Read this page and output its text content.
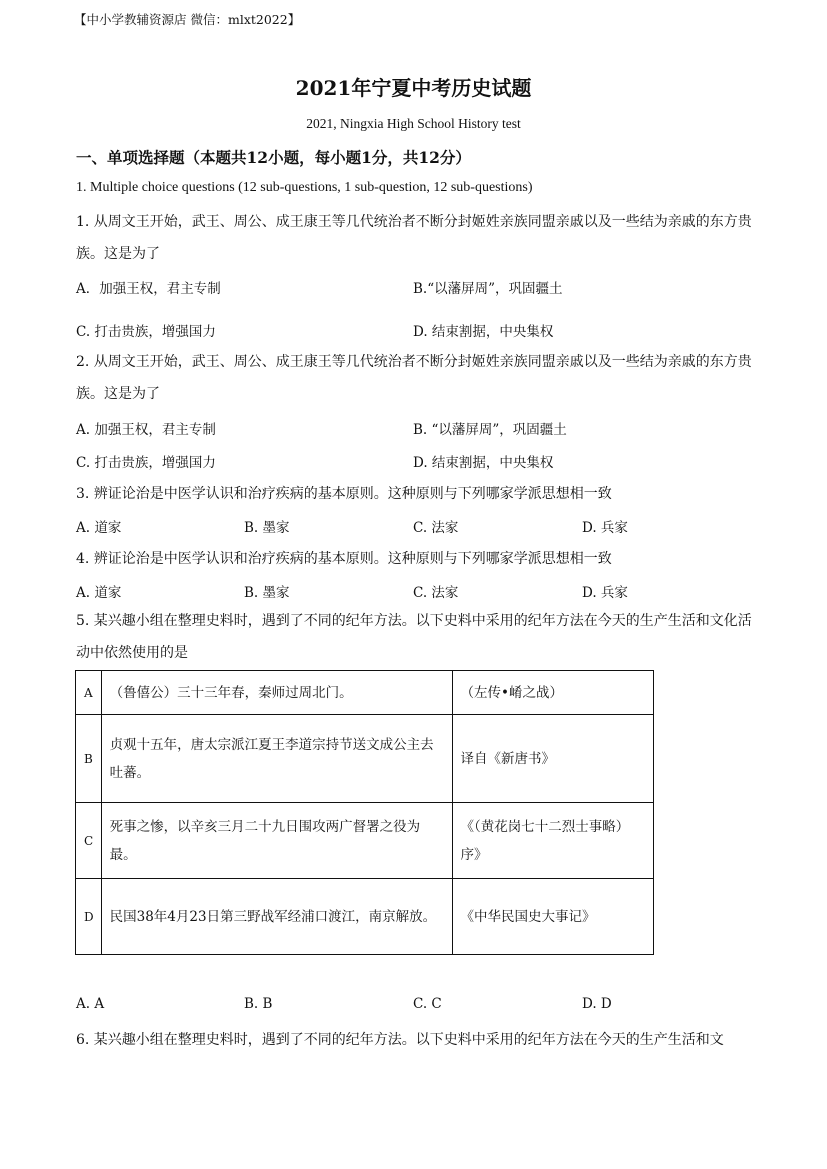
【中小学教辅资源店 微信：mlxt2022】
2021年宁夏中考历史试题
2021, Ningxia High School History test
一、单项选择题（本题共12小题，每小题1分，共12分）
1. Multiple choice questions (12 sub-questions, 1 sub-question, 12 sub-questions)
1. 从周文王开始，武王、周公、成王康王等几代统治者不断分封姬姓亲族同盟亲戚以及一些结为亲戚的东方贵族。这是为了
A．加强王权，君主专制	B.“以藩屏周”，巩固疆土
C. 打击贵族，增强国力	D. 结束割据，中央集权
2. 从周文王开始，武王、周公、成王康王等几代统治者不断分封姬姓亲族同盟亲戚以及一些结为亲戚的东方贵族。这是为了
A. 加强王权，君主专制	B. “以藩屏周”，巩固疆土
C. 打击贵族，增强国力	D. 结束割据，中央集权
3. 辨证论治是中医学认识和治疗疾病的基本原则。这种原则与下列哪家学派思想相一致
A. 道家	B. 墨家	C. 法家	D. 兵家
4. 辨证论治是中医学认识和治疗疾病的基本原则。这种原则与下列哪家学派思想相一致
A. 道家	B. 墨家	C. 法家	D. 兵家
5. 某兴趣小组在整理史料时，遇到了不同的纪年方法。以下史料中采用的纪年方法在今天的生产生活和文化活动中依然使用的是
A	（鲁僖公）三十三年春，秦师过周北门。	（左传•崤之战）
B	贞观十五年，唐太宗派江夏王李道宗持节送文成公主去吐蕃。	译自《新唐书》
C	死事之惨，以辛亥三月二十九日围攻两广督署之役为最。	《（黄花岗七十二烈士事略）序》
D	民国38年4月23日第三野战军经浦口渡江，南京解放。	《中华民国史大事记》
A. A	B. B	C. C	D. D
6. 某兴趣小组在整理史料时，遇到了不同的纪年方法。以下史料中采用的纪年方法在今天的生产生活和文
